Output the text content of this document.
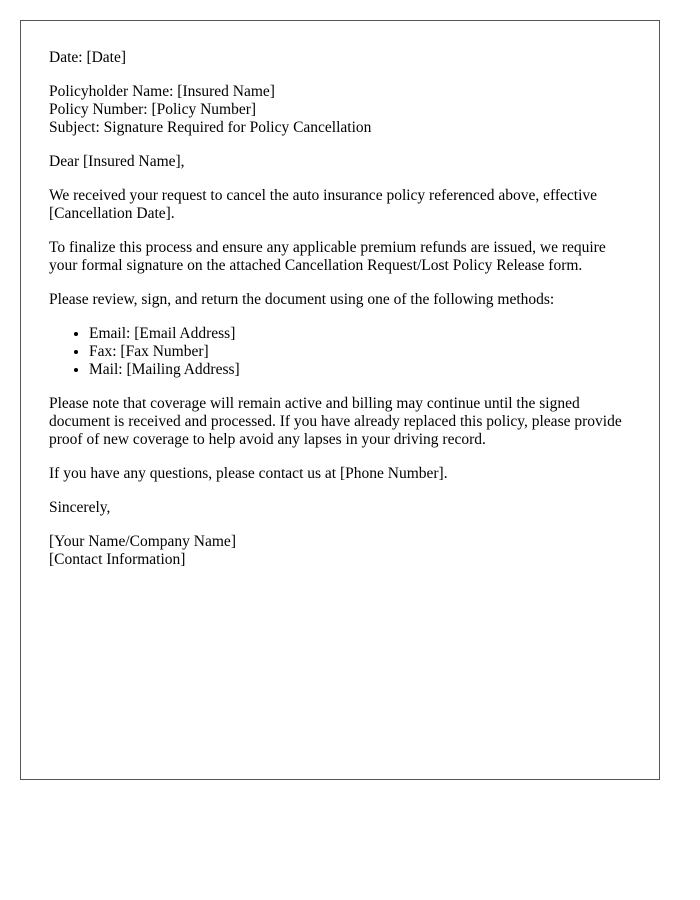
Date: [Date]

Policyholder Name: [Insured Name]
Policy Number: [Policy Number]
Subject: Signature Required for Policy Cancellation

Dear [Insured Name],

We received your request to cancel the auto insurance policy referenced above, effective [Cancellation Date].

To finalize this process and ensure any applicable premium refunds are issued, we require your formal signature on the attached Cancellation Request/Lost Policy Release form.

Please review, sign, and return the document using one of the following methods:

• Email: [Email Address]
• Fax: [Fax Number]
• Mail: [Mailing Address]

Please note that coverage will remain active and billing may continue until the signed document is received and processed. If you have already replaced this policy, please provide proof of new coverage to help avoid any lapses in your driving record.

If you have any questions, please contact us at [Phone Number].

Sincerely,

[Your Name/Company Name]
[Contact Information]
